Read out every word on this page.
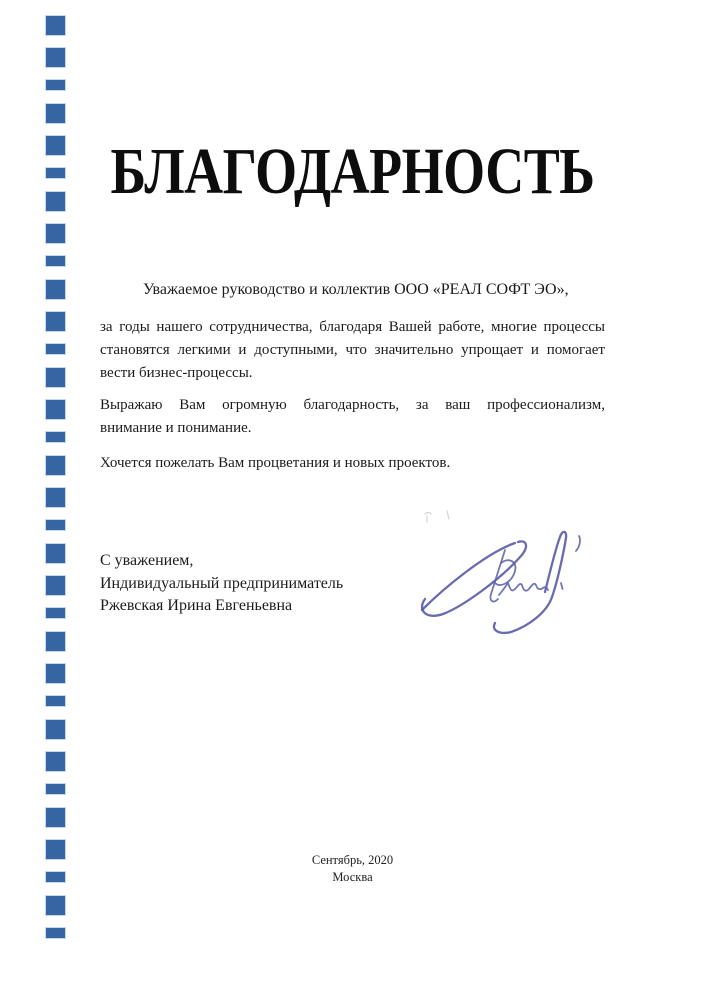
БЛАГОДАРНОСТЬ

Уважаемое руководство и коллектив ООО «РЕАЛ СОФТ ЭО»,

за годы нашего сотрудничества, благодаря Вашей работе, многие процессы
становятся легкими и доступными, что значительно упрощает и помогает
вести бизнес-процессы.
Выражаю Вам огромную благодарность, за ваш профессионализм,
внимание и понимание.
Хочется пожелать Вам процветания и новых проектов.
С уважением,
Индивидуальный предприниматель
Ржевская Ирина Евгеньевна
Сентябрь, 2020
Москва
